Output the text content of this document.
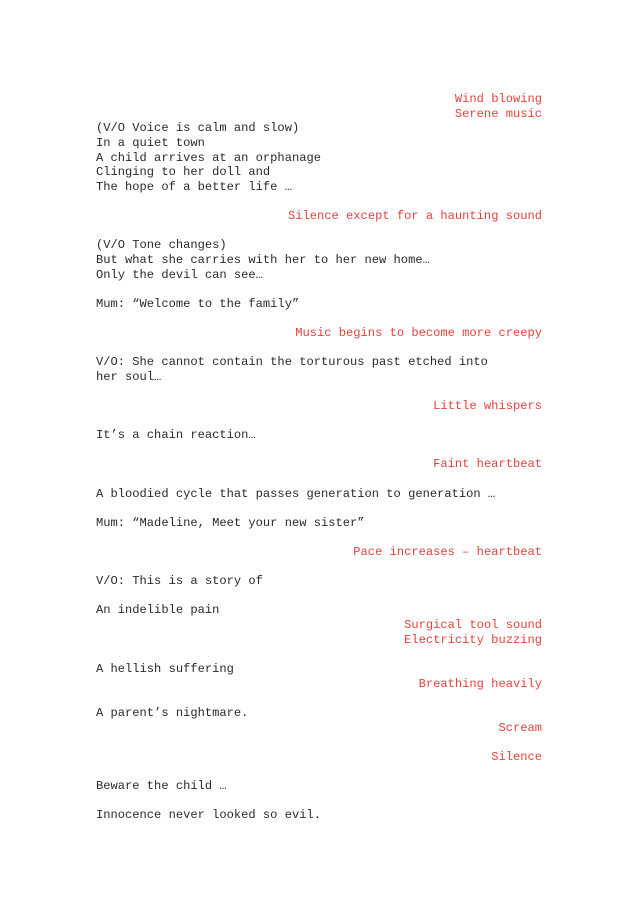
Wind blowing
Serene music
Silence except for a haunting sound
Music begins to become more creepy
Little whispers
Faint heartbeat
Pace increases – heartbeat
Surgical tool sound
Electricity buzzing
Breathing heavily
Scream
Silence
(V/O Voice is calm and slow)
In a quiet town
A child arrives at an orphanage
Clinging to her doll and
The hope of a better life …
(V/O Tone changes)
But what she carries with her to her new home…
Only the devil can see…
Mum: “Welcome to the family”
V/O: She cannot contain the torturous past etched into
her soul…
It’s a chain reaction…
A bloodied cycle that passes generation to generation …
Mum: “Madeline, Meet your new sister”
V/O: This is a story of
An indelible pain
A hellish suffering
A parent’s nightmare.
Beware the child …
Innocence never looked so evil.
